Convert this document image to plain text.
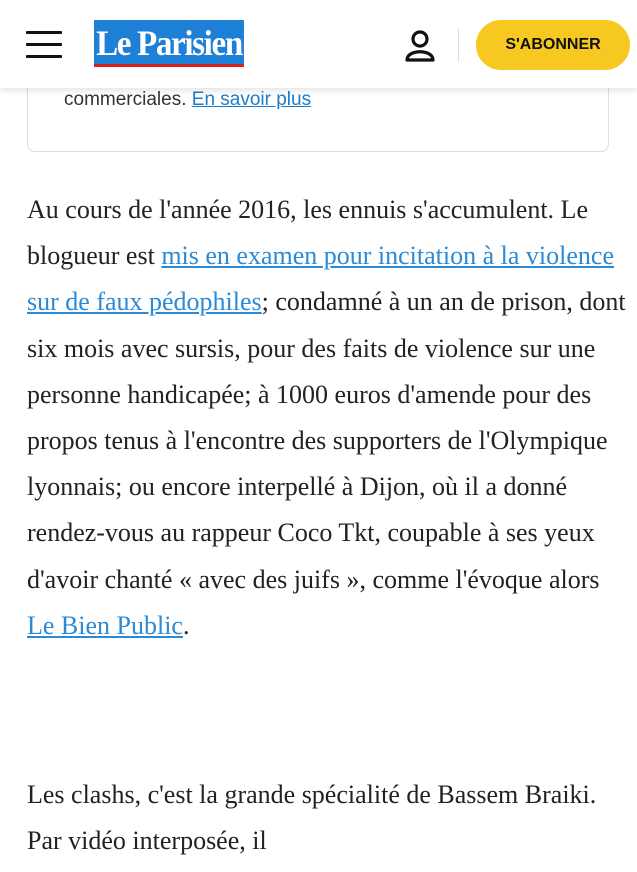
commerciales. En savoir plus
Le Parisien	S'ABONNER

Au cours de l'année 2016, les ennuis s'accumulent. Le blogueur est mis en examen pour incitation à la violence sur de faux pédophiles; condamné à un an de prison, dont six mois avec sursis, pour des faits de violence sur une personne handicapée; à 1000 euros d'amende pour des propos tenus à l'encontre des supporters de l'Olympique lyonnais; ou encore interpellé à Dijon, où il a donné rendez-vous au rappeur Coco Tkt, coupable à ses yeux d'avoir chanté « avec des juifs », comme l'évoque alors Le Bien Public.

Les clashs, c'est la grande spécialité de Bassem Braiki. Par vidéo interposée, il
